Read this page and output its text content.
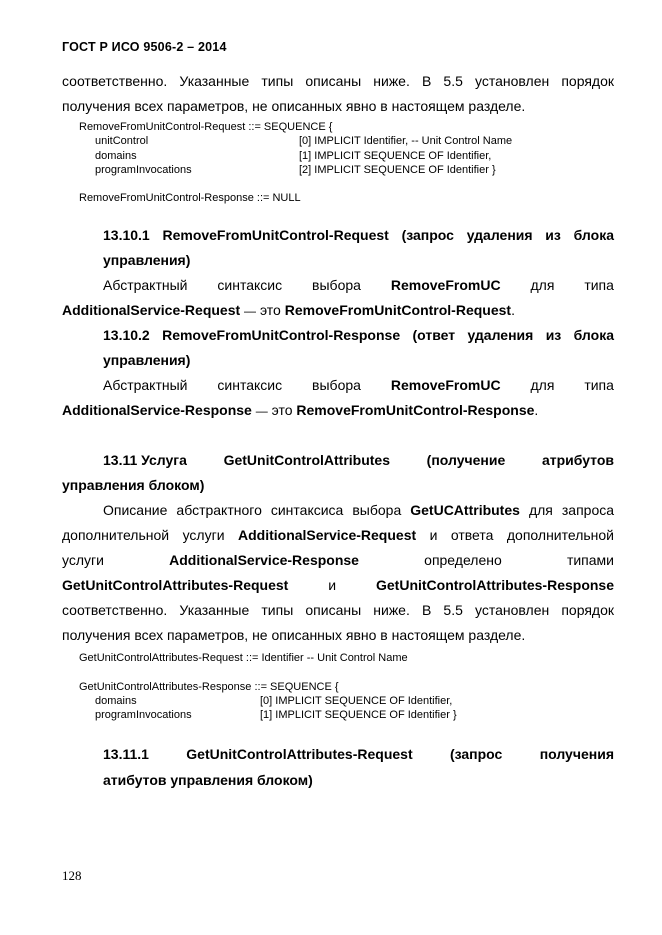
ГОСТ Р ИСО 9506-2 – 2014
соответственно. Указанные типы описаны ниже. В 5.5 установлен порядок
получения всех параметров, не описанных явно в настоящем разделе.
RemoveFromUnitControl-Request ::= SEQUENCE {
unitControl	[0] IMPLICIT Identifier, -- Unit Control Name
domains	[1] IMPLICIT SEQUENCE OF Identifier,
programInvocations	[2] IMPLICIT SEQUENCE OF Identifier }
RemoveFromUnitControl-Response ::= NULL
13.10.1 RemoveFromUnitControl-Request (запрос удаления из блока
управления)
Абстрактный синтаксис выбора RemoveFromUC для типа
AdditionalService-Request — это RemoveFromUnitControl-Request.
13.10.2 RemoveFromUnitControl-Response (ответ удаления из блока
управления)
Абстрактный синтаксис выбора RemoveFromUC для типа
AdditionalService-Response — это RemoveFromUnitControl-Response.
13.11 Услуга	GetUnitControlAttributes	(получение	атрибутов
управления блоком)
Описание абстрактного синтаксиса выбора GetUCAttributes для запроса
дополнительной услуги AdditionalService-Request и ответа дополнительной
услуги	AdditionalService-Response	определено	типами
GetUnitControlAttributes-Request	и	GetUnitControlAttributes-Response
соответственно. Указанные типы описаны ниже. В 5.5 установлен порядок
получения всех параметров, не описанных явно в настоящем разделе.
GetUnitControlAttributes-Request ::= Identifier -- Unit Control Name
GetUnitControlAttributes-Response ::= SEQUENCE {
domains	[0] IMPLICIT SEQUENCE OF Identifier,
programInvocations	[1] IMPLICIT SEQUENCE OF Identifier }
13.11.1	GetUnitControlAttributes-Request	(запрос	получения
атибутов управления блоком)
128
